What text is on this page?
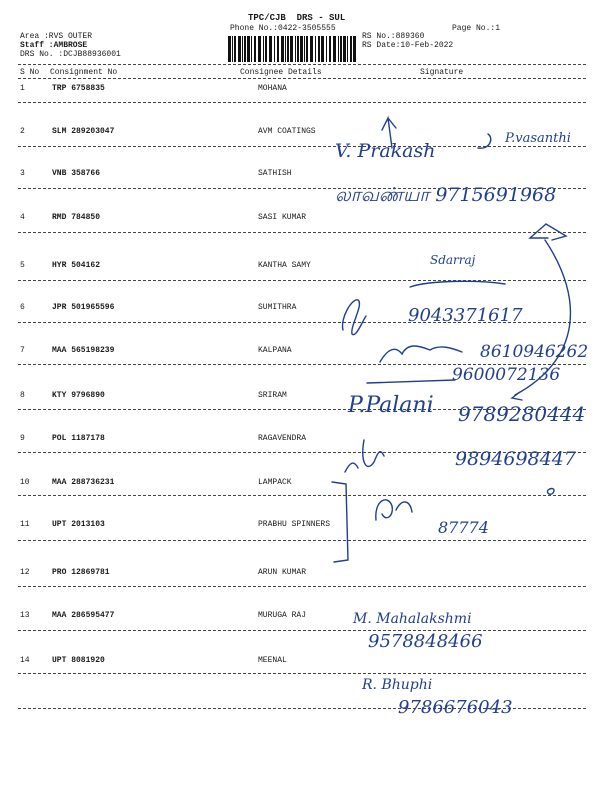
TPC/CJB  DRS - SUL
Phone No.:0422-3505555	Page No.:1
Area :RVS OUTER
Staff :AMBROSE
DRS No. :DCJB88936001
RS No.:889360
RS Date:10-Feb-2022
S No Consignment No	Consignee Details	Signature
1	TRP 6758835	MOHANA
2	SLM 289203047	AVM COATINGS
3	VNB 358766	SATHISH
4	RMD 784850	SASI KUMAR
5	HYR 504162	KANTHA SAMY
6	JPR 501965596	SUMITHRA
7	MAA 565198239	KALPANA
8	KTY 9796890	SRIRAM
9	POL 1187178	RAGAVENDRA
10	MAA 288736231	LAMPACK
11	UPT 2013103	PRABHU SPINNERS
12	PRO 12869781	ARUN KUMAR
13	MAA 286595477	MURUGA RAJ
14	UPT 8081920	MEENAL
V. Prakash
P.vasanthi
லாவண்யா 9715691968
Sdarraj
9043371617
8610946262
9600072136
P.Palani 9789280444
9894698447
87774
M. Mahalakshmi
9578848466
R. Bhuphi
9786676043
